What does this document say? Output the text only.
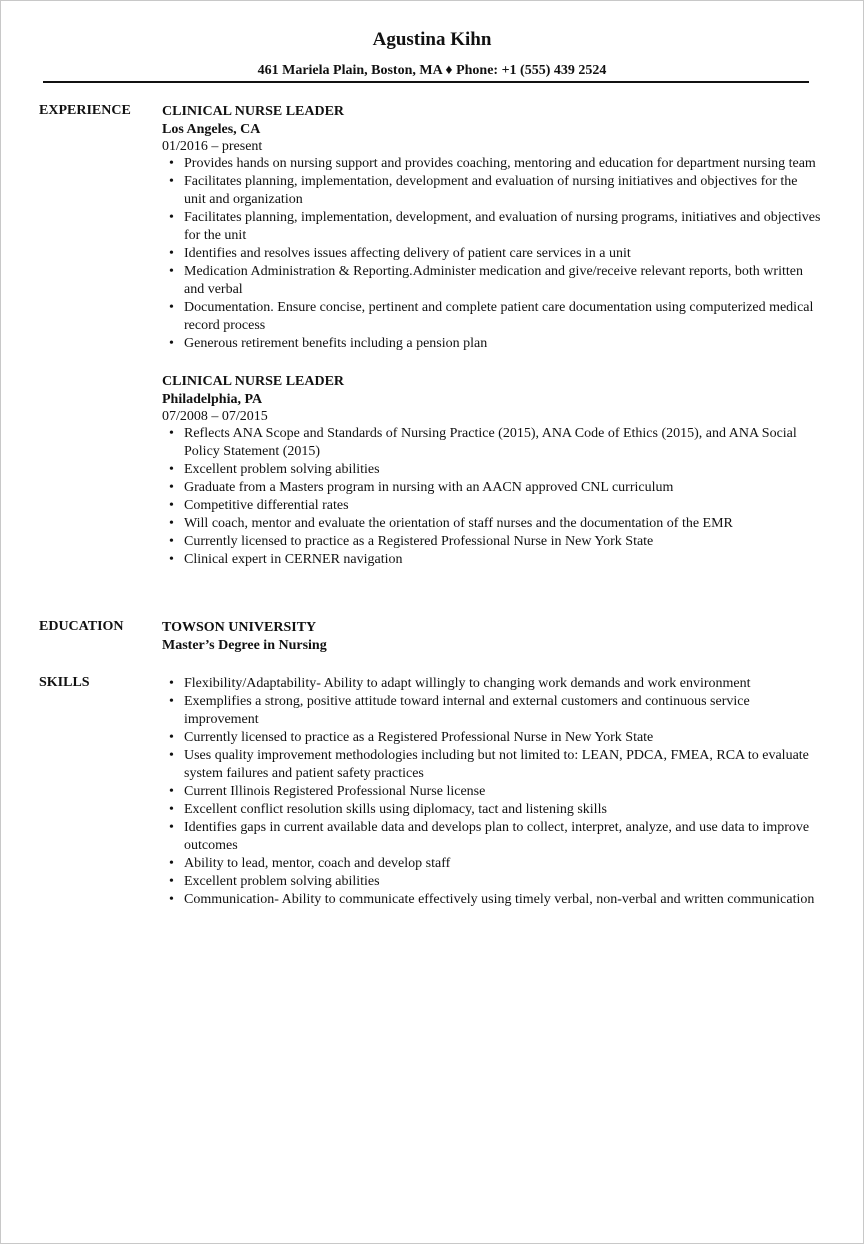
Agustina Kihn

461 Mariela Plain, Boston, MA ♦ Phone: +1 (555) 439 2524

EXPERIENCE CLINICAL NURSE LEADER

Los Angeles, CA

01/2016 – present

• Provides hands on nursing support and provides coaching, mentoring and education for department nursing team
• Facilitates planning, implementation, development and evaluation of nursing initiatives and objectives for the unit and organization
• Facilitates planning, implementation, development, and evaluation of nursing programs, initiatives and objectives for the unit
• Identifies and resolves issues affecting delivery of patient care services in a unit
• Medication Administration & Reporting.Administer medication and give/receive relevant reports, both written and verbal
• Documentation. Ensure concise, pertinent and complete patient care documentation using computerized medical record process
• Generous retirement benefits including a pension plan

CLINICAL NURSE LEADER

Philadelphia, PA

07/2008 – 07/2015

• Reflects ANA Scope and Standards of Nursing Practice (2015), ANA Code of Ethics (2015), and ANA Social Policy Statement (2015)
• Excellent problem solving abilities
• Graduate from a Masters program in nursing with an AACN approved CNL curriculum
• Competitive differential rates
• Will coach, mentor and evaluate the orientation of staff nurses and the documentation of the EMR
• Currently licensed to practice as a Registered Professional Nurse in New York State
• Clinical expert in CERNER navigation

EDUCATION	TOWSON UNIVERSITY

Master’s Degree in Nursing

SKILLS

•	Flexibility/Adaptability- Ability to adapt willingly to changing work demands and work environment
• Exemplifies a strong, positive attitude toward internal and external customers and continuous service improvement
• Currently licensed to practice as a Registered Professional Nurse in New York State
• Uses quality improvement methodologies including but not limited to: LEAN, PDCA, FMEA, RCA to evaluate system failures and patient safety practices
• Current Illinois Registered Professional Nurse license
• Excellent conflict resolution skills using diplomacy, tact and listening skills
• Identifies gaps in current available data and develops plan to collect, interpret, analyze, and use data to improve outcomes
• Ability to lead, mentor, coach and develop staff
• Excellent problem solving abilities
• Communication- Ability to communicate effectively using timely verbal, non-verbal and written communication
